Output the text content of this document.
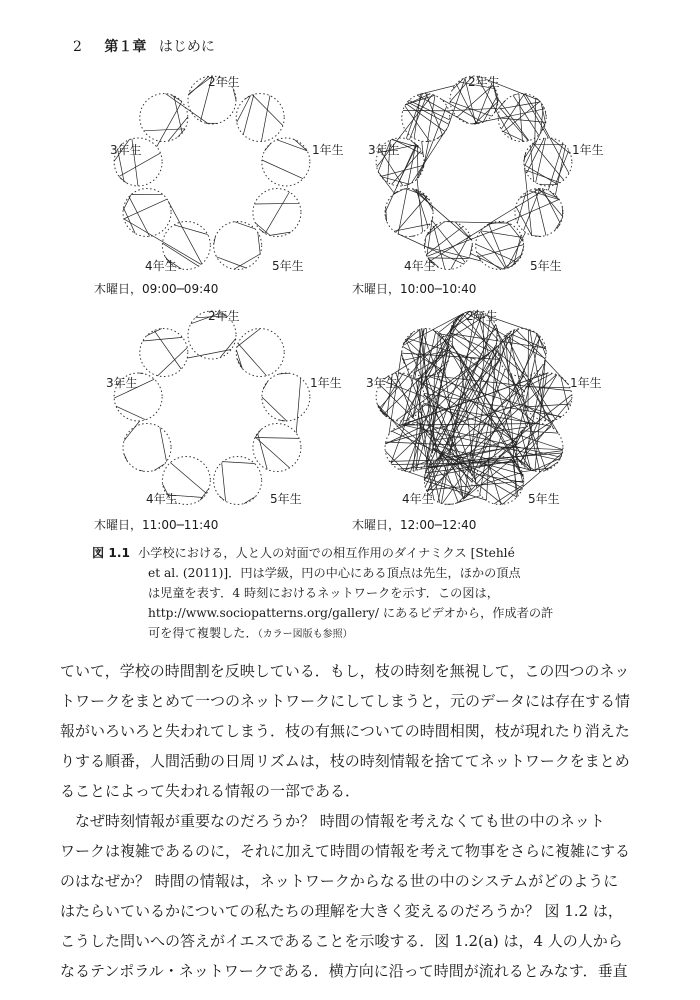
2 第１章 はじめに
2年生
3年生	1年生
4年生	5年生
2年生
3年生	1年生
4年生	5年生
2年生
3年生	1年生
4年生	5年生
2年生
3年生	1年生
4年生	5年生
木曜日，09:00─09:40	木曜日，10:00─10:40
木曜日，11:00─11:40	木曜日，12:00─12:40
図 1.1 小学校における，人と人の対面での相互作用のダイナミクス [Stehlé
et al. (2011)]．円は学級，円の中心にある頂点は先生，ほかの頂点
は児童を表す．4 時刻におけるネットワークを示す．この図は，
http://www.sociopatterns.org/gallery/ にあるビデオから，作成者の許
可を得て複製した．（カラー図版も参照）

ていて，学校の時間割を反映している．もし，枝の時刻を無視して，この四つのネッ

トワークをまとめて一つのネットワークにしてしまうと，元のデータには存在する情

報がいろいろと失われてしまう．枝の有無についての時間相関，枝が現れたり消えた

りする順番，人間活動の日周リズムは，枝の時刻情報を捨ててネットワークをまとめ

ることによって失われる情報の一部である．

なぜ時刻情報が重要なのだろうか？ 時間の情報を考えなくても世の中のネット

ワークは複雑であるのに，それに加えて時間の情報を考えて物事をさらに複雑にする

のはなぜか？ 時間の情報は，ネットワークからなる世の中のシステムがどのように

はたらいているかについての私たちの理解を大きく変えるのだろうか？ 図 1.2 は，

こうした問いへの答えがイエスであることを示唆する．図 1.2(a) は，4 人の人から

なるテンポラル・ネットワークである．横方向に沿って時間が流れるとみなす．垂直
